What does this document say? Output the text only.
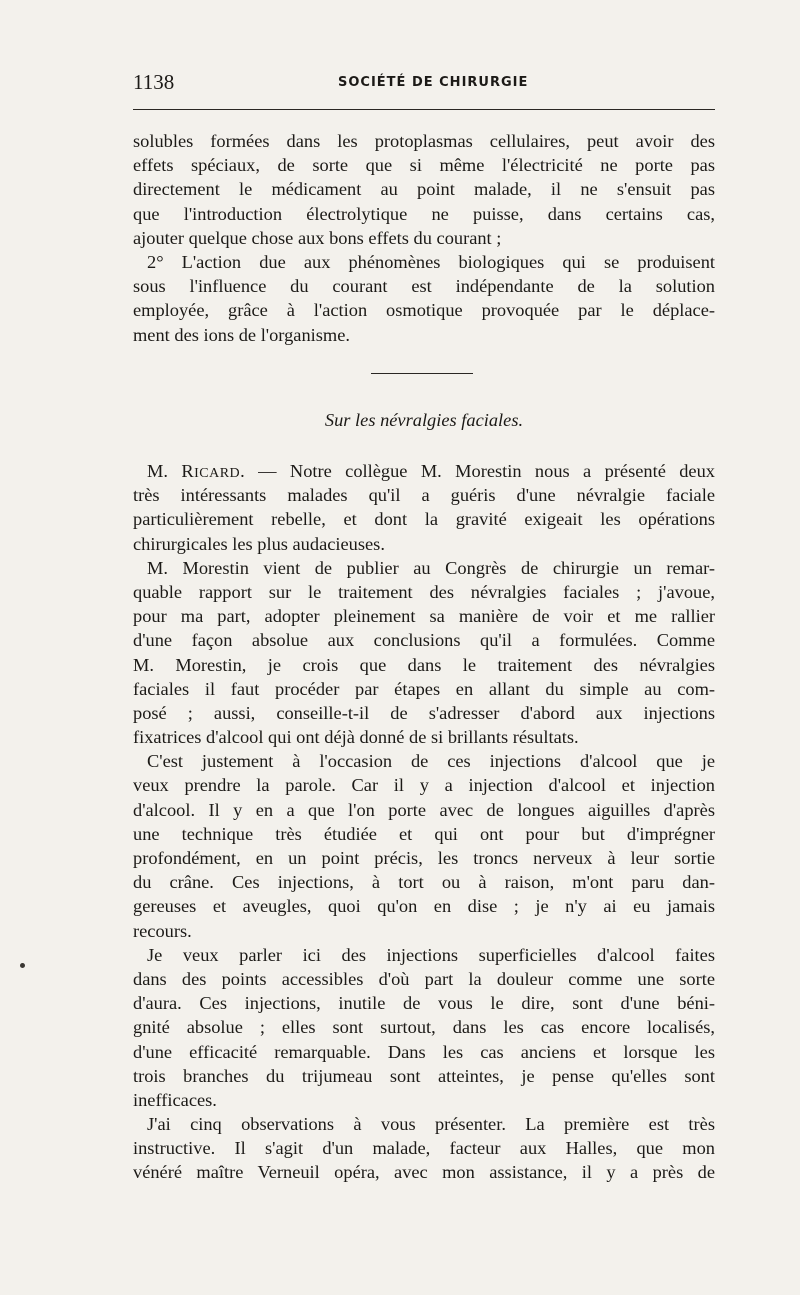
1138	SOCIÉTÉ DE CHIRURGIE
solubles formées dans les protoplasmas cellulaires, peut avoir des
effets spéciaux, de sorte que si même l'électricité ne porte pas
directement le médicament au point malade, il ne s'ensuit pas
que l'introduction électrolytique ne puisse, dans certains cas,
ajouter quelque chose aux bons effets du courant ;
2° L'action due aux phénomènes biologiques qui se produisent
sous l'influence du courant est indépendante de la solution
employée, grâce à l'action osmotique provoquée par le déplace-
ment des ions de l'organisme.
Sur les névralgies faciales.
M. RICARD. — Notre collègue M. Morestin nous a présenté deux
très intéressants malades qu'il a guéris d'une névralgie faciale
particulièrement rebelle, et dont la gravité exigeait les opérations
chirurgicales les plus audacieuses.
M. Morestin vient de publier au Congrès de chirurgie un remar-
quable rapport sur le traitement des névralgies faciales ; j'avoue,
pour ma part, adopter pleinement sa manière de voir et me rallier
d'une façon absolue aux conclusions qu'il a formulées. Comme
M. Morestin, je crois que dans le traitement des névralgies
faciales il faut procéder par étapes en allant du simple au com-
posé ; aussi, conseille-t-il de s'adresser d'abord aux injections
fixatrices d'alcool qui ont déjà donné de si brillants résultats.
C'est justement à l'occasion de ces injections d'alcool que je
veux prendre la parole. Car il y a injection d'alcool et injection
d'alcool. Il y en a que l'on porte avec de longues aiguilles d'après
une technique très étudiée et qui ont pour but d'imprégner
profondément, en un point précis, les troncs nerveux à leur sortie
du crâne. Ces injections, à tort ou à raison, m'ont paru dan-
gereuses et aveugles, quoi qu'on en dise ; je n'y ai eu jamais
recours.
Je veux parler ici des injections superficielles d'alcool faites
dans des points accessibles d'où part la douleur comme une sorte
d'aura. Ces injections, inutile de vous le dire, sont d'une béni-
gnité absolue ; elles sont surtout, dans les cas encore localisés,
d'une efficacité remarquable. Dans les cas anciens et lorsque les
trois branches du trijumeau sont atteintes, je pense qu'elles sont
inefficaces.
J'ai cinq observations à vous présenter. La première est très
instructive. Il s'agit d'un malade, facteur aux Halles, que mon
vénéré maître Verneuil opéra, avec mon assistance, il y a près de
